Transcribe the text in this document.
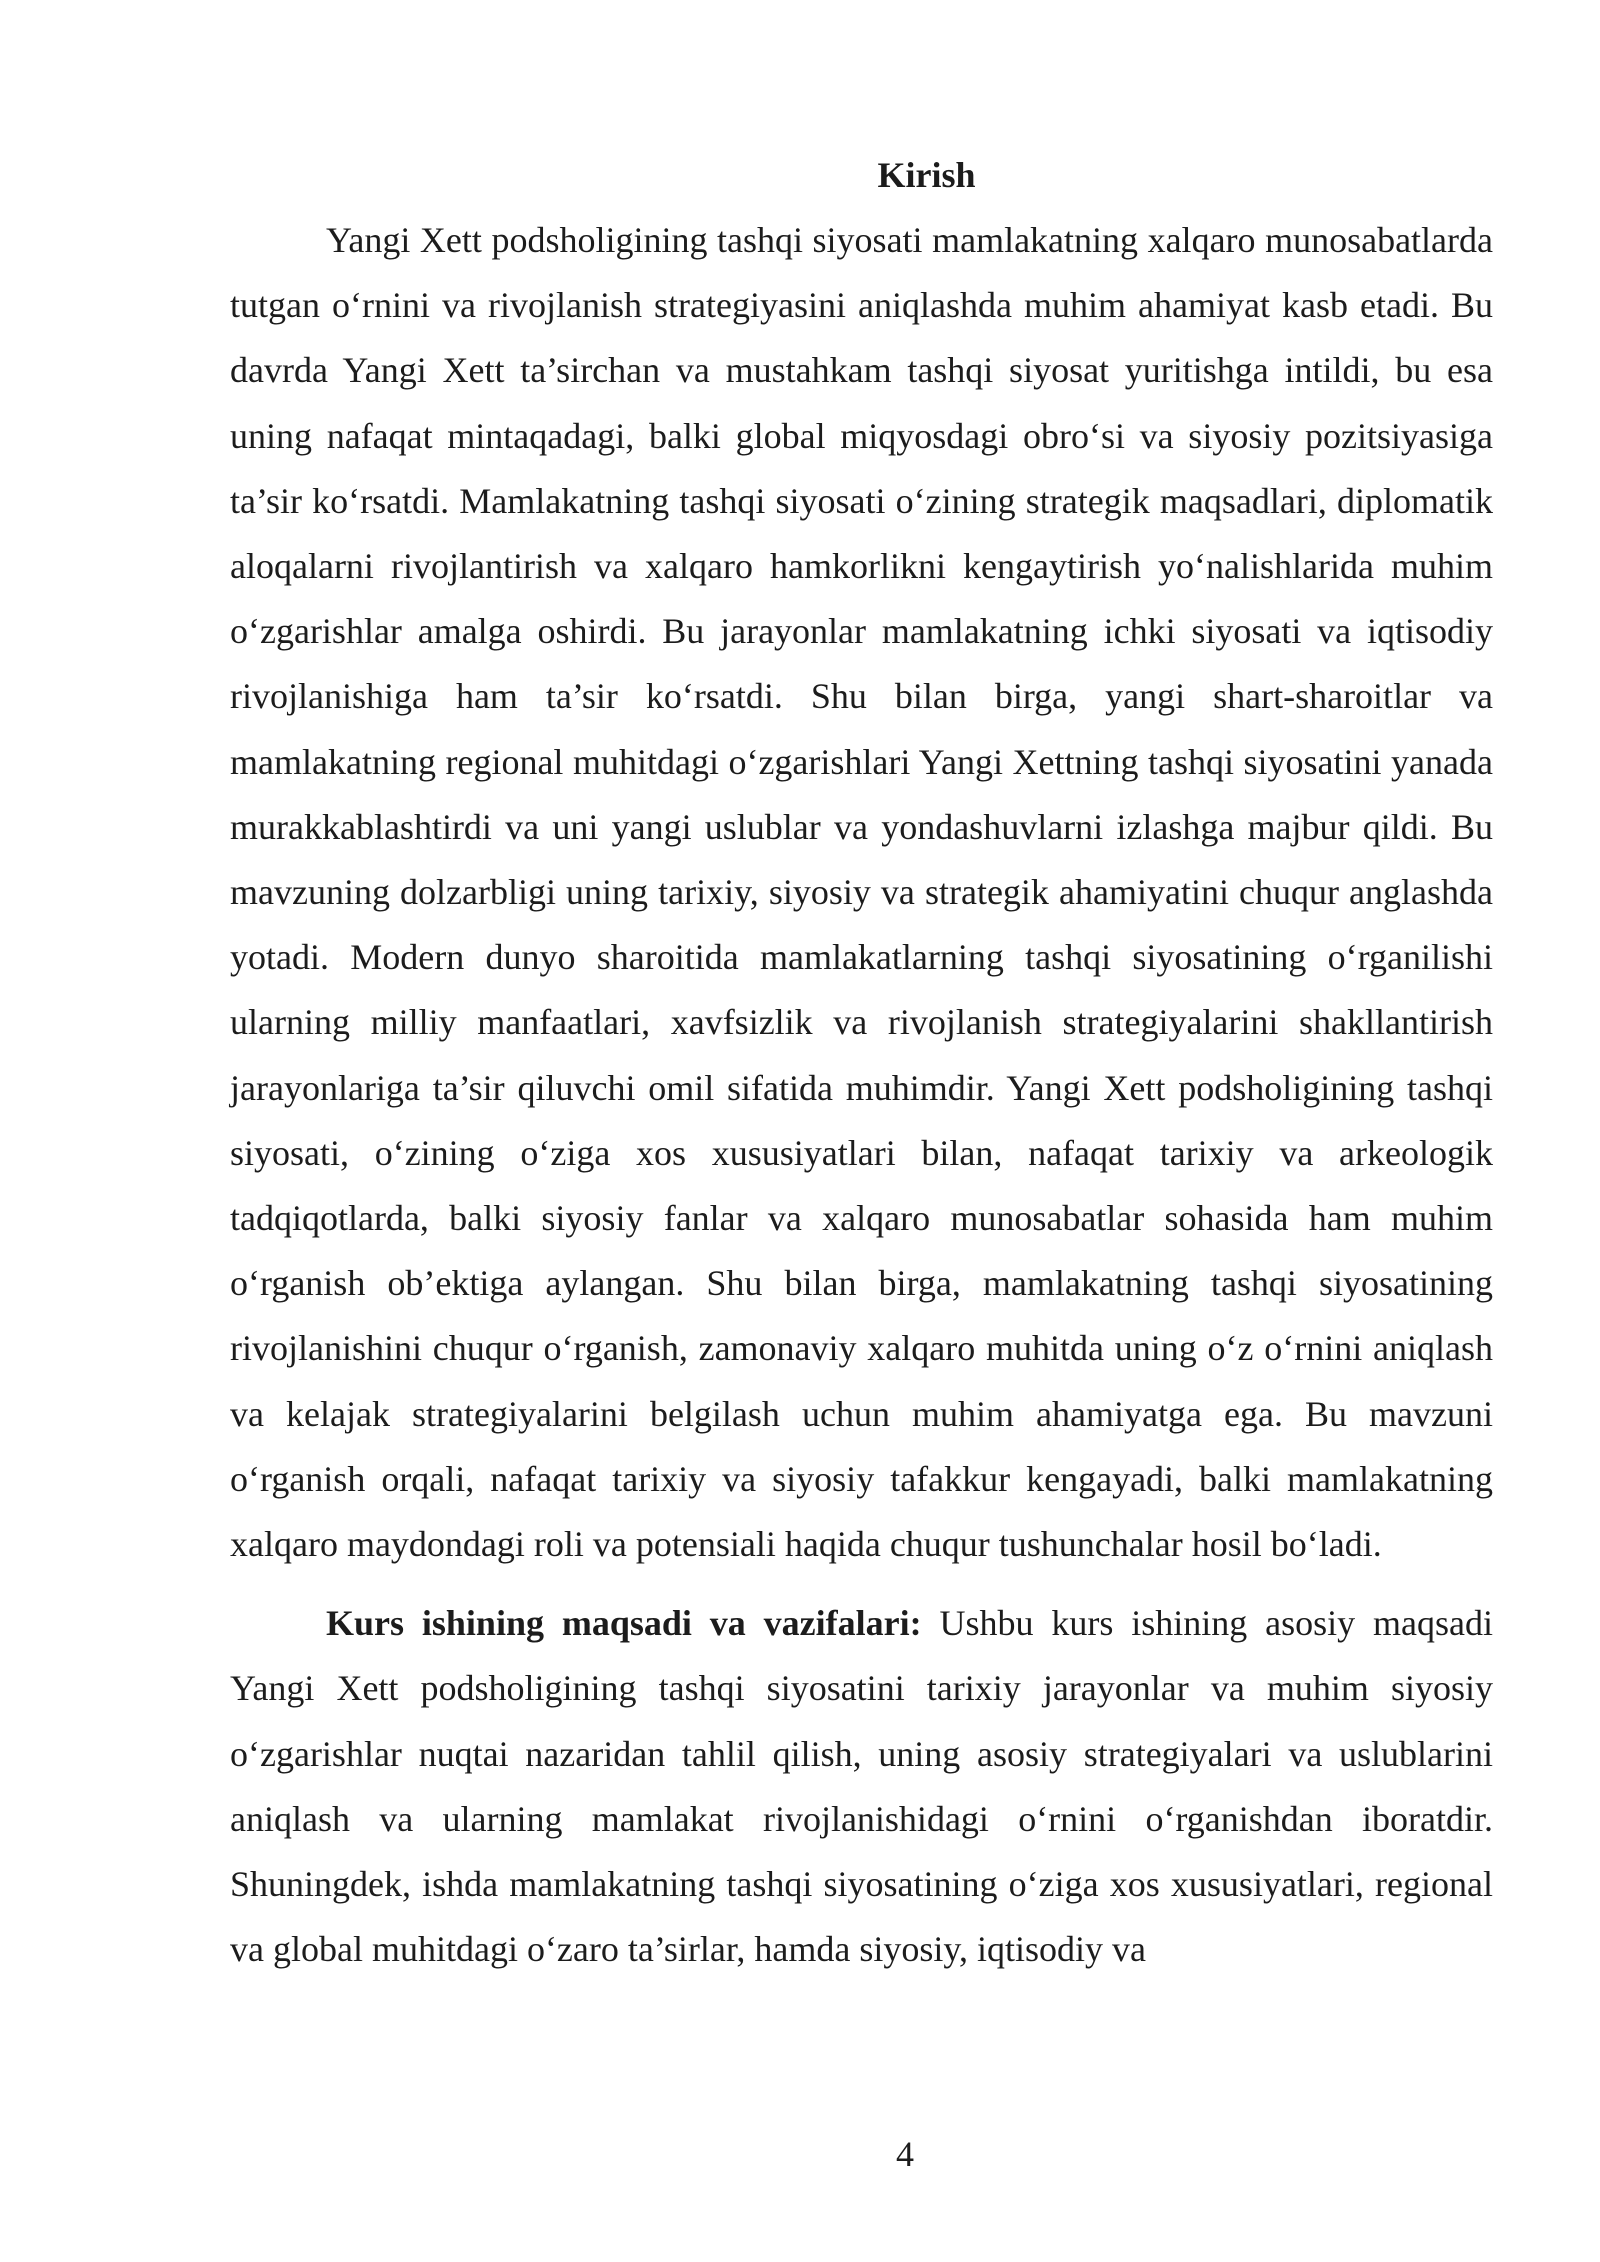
Kirish

Yangi Xett podsholigining tashqi siyosati mamlakatning xalqaro munosabatlarda tutgan o‘rnini va rivojlanish strategiyasini aniqlashda muhim ahamiyat kasb etadi. Bu davrda Yangi Xett ta’sirchan va mustahkam tashqi siyosat yuritishga intildi, bu esa uning nafaqat mintaqadagi, balki global miqyosdagi obro‘si va siyosiy pozitsiyasiga ta’sir ko‘rsatdi. Mamlakatning tashqi siyosati o‘zining strategik maqsadlari, diplomatik aloqalarni rivojlantirish va xalqaro hamkorlikni kengaytirish yo‘nalishlarida muhim o‘zgarishlar amalga oshirdi. Bu jarayonlar mamlakatning ichki siyosati va iqtisodiy rivojlanishiga ham ta’sir ko‘rsatdi. Shu bilan birga, yangi shart-sharoitlar va mamlakatning regional muhitdagi o‘zgarishlari Yangi Xettning tashqi siyosatini yanada murakkablashtirdi va uni yangi uslublar va yondashuvlarni izlashga majbur qildi. Bu mavzuning dolzarbligi uning tarixiy, siyosiy va strategik ahamiyatini chuqur anglashda yotadi. Modern dunyo sharoitida mamlakatlarning tashqi siyosatining o‘rganilishi ularning milliy manfaatlari, xavfsizlik va rivojlanish strategiyalarini shakllantirish jarayonlariga ta’sir qiluvchi omil sifatida muhimdir. Yangi Xett podsholigining tashqi siyosati, o‘zining o‘ziga xos xususiyatlari bilan, nafaqat tarixiy va arkeologik tadqiqotlarda, balki siyosiy fanlar va xalqaro munosabatlar sohasida ham muhim o‘rganish ob’ektiga aylangan. Shu bilan birga, mamlakatning tashqi siyosatining rivojlanishini chuqur o‘rganish, zamonaviy xalqaro muhitda uning o‘z o‘rnini aniqlash va kelajak strategiyalarini belgilash uchun muhim ahamiyatga ega. Bu mavzuni o‘rganish orqali, nafaqat tarixiy va siyosiy tafakkur kengayadi, balki mamlakatning xalqaro maydondagi roli va potensiali haqida chuqur tushunchalar hosil bo‘ladi.

Kurs ishining maqsadi va vazifalari: Ushbu kurs ishining asosiy maqsadi Yangi Xett podsholigining tashqi siyosatini tarixiy jarayonlar va muhim siyosiy o‘zgarishlar nuqtai nazaridan tahlil qilish, uning asosiy strategiyalari va uslublarini aniqlash va ularning mamlakat rivojlanishidagi o‘rnini o‘rganishdan iboratdir. Shuningdek, ishda mamlakatning tashqi siyosatining o‘ziga xos xususiyatlari, regional va global muhitdagi o‘zaro ta’sirlar, hamda siyosiy, iqtisodiy va

4
